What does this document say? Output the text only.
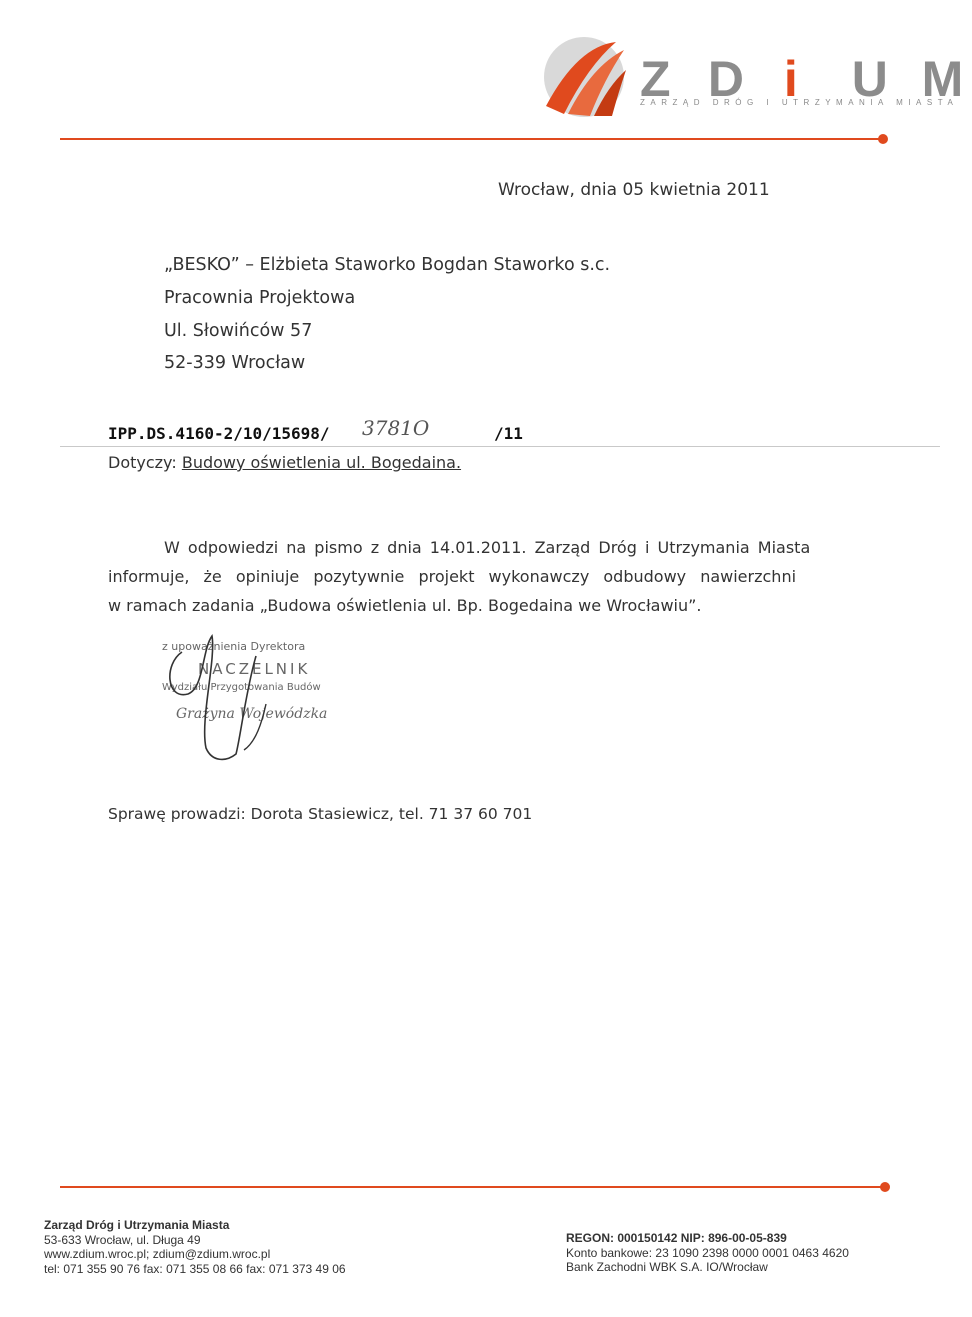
Z D i U M
ZARZĄD DRÓG I UTRZYMANIA MIASTA
Wrocław, dnia 05 kwietnia 2011
„BESKO” – Elżbieta Staworko Bogdan Staworko s.c.
Pracownia Projektowa
Ul. Słowińców 57
52-339 Wrocław
IPP.DS.4160-2/10/15698/ 3781O	/11
Dotyczy: Budowy oświetlenia ul. Bogedaina.
W odpowiedzi na pismo z dnia 14.01.2011. Zarząd Dróg i Utrzymania Miasta
informuje, że opiniuje pozytywnie projekt wykonawczy odbudowy nawierzchni
w ramach zadania „Budowa oświetlenia ul. Bp. Bogedaina we Wrocławiu”.
z upoważnienia Dyrektora
NACZELNIK
Wydziału Przygotowania Budów
Grażyna Wojewódzka
Sprawę prowadzi: Dorota Stasiewicz, tel. 71 37 60 701
Zarząd Dróg i Utrzymania Miasta
53-633 Wrocław, ul. Długa 49
www.zdium.wroc.pl; zdium@zdium.wroc.pl
tel: 071 355 90 76 fax: 071 355 08 66 fax: 071 373 49 06
REGON: 000150142 NIP: 896-00-05-839
Konto bankowe: 23 1090 2398 0000 0001 0463 4620
Bank Zachodni WBK S.A. IO/Wrocław
